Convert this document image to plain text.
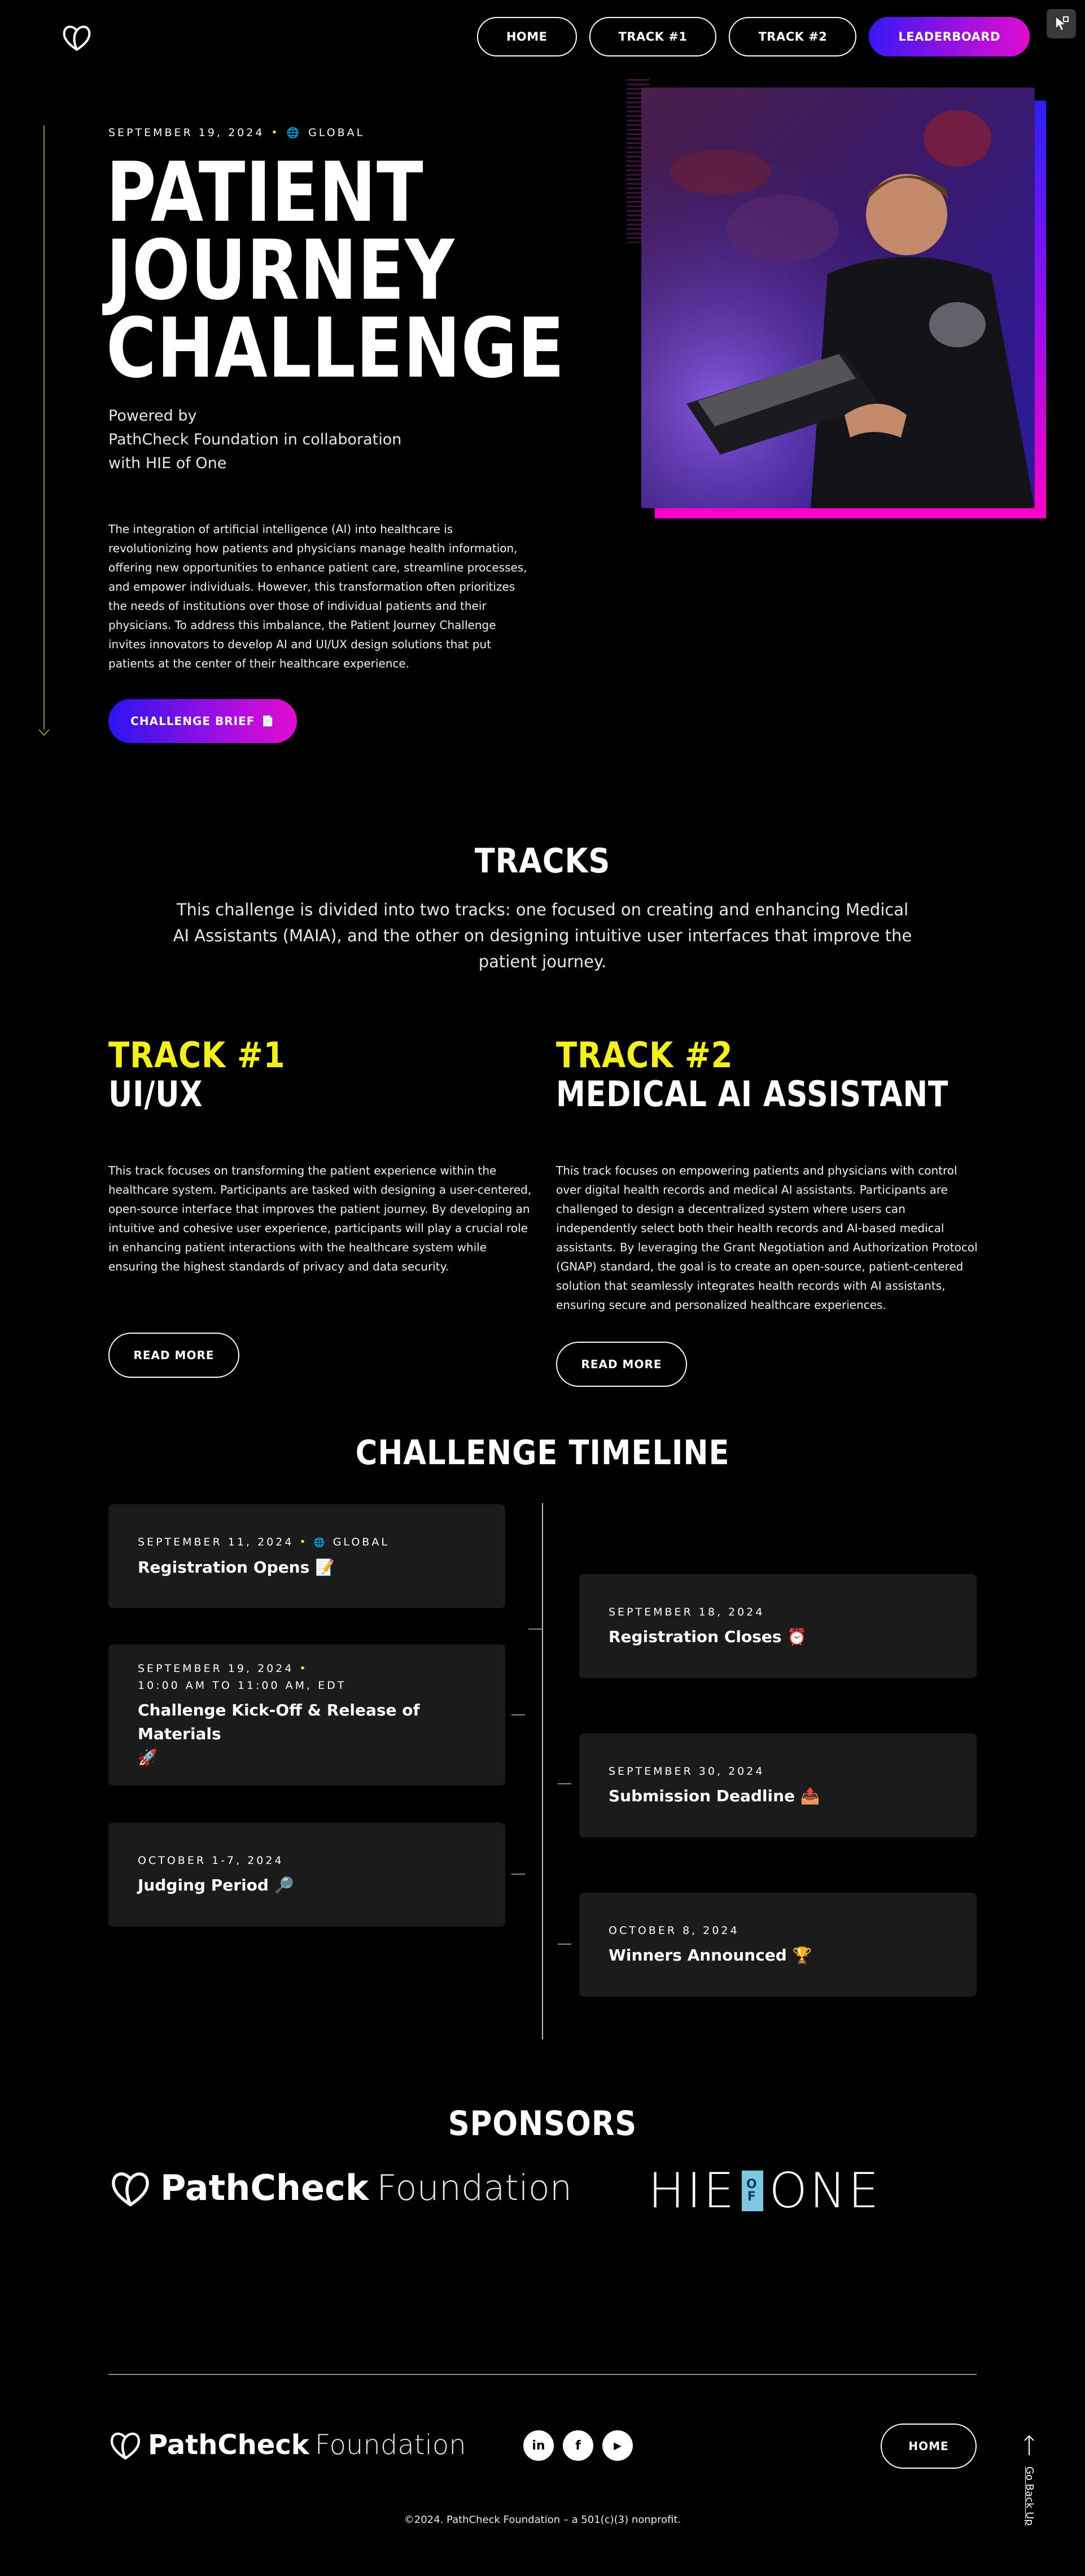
HOME	TRACK #1	TRACK #2	LEADERBOARD
SEPTEMBER 19, 2024 • 🌐 GLOBAL
PATIENT
JOURNEY
CHALLENGE
Powered by
PathCheck Foundation in collaboration
with HIE of One

The integration of artificial intelligence (AI) into healthcare is revolutionizing how patients and physicians manage health information, offering new opportunities to enhance patient care, streamline processes, and empower individuals. However, this transformation often prioritizes the needs of institutions over those of individual patients and their physicians. To address this imbalance, the Patient Journey Challenge invites innovators to develop AI and UI/UX design solutions that put patients at the center of their healthcare experience.

CHALLENGE BRIEF 📄
TRACKS

This challenge is divided into two tracks: one focused on creating and enhancing Medical AI Assistants (MAIA), and the other on designing intuitive user interfaces that improve the patient journey.

TRACK #1
UI/UX

This track focuses on transforming the patient experience within the healthcare system. Participants are tasked with designing a user-centered, open-source interface that improves the patient journey. By developing an intuitive and cohesive user experience, participants will play a crucial role in enhancing patient interactions with the healthcare system while ensuring the highest standards of privacy and data security.

READ MORE
TRACK #2
MEDICAL AI ASSISTANT

This track focuses on empowering patients and physicians with control over digital health records and medical AI assistants. Participants are challenged to design a decentralized system where users can independently select both their health records and AI-based medical assistants. By leveraging the Grant Negotiation and Authorization Protocol (GNAP) standard, the goal is to create an open-source, patient-centered solution that seamlessly integrates health records with AI assistants, ensuring secure and personalized healthcare experiences.

READ MORE
CHALLENGE TIMELINE
SEPTEMBER 11, 2024 • 🌐 GLOBAL
Registration Opens 📝
SEPTEMBER 18, 2024
Registration Closes ⏰
SEPTEMBER 19, 2024 •
10:00 AM TO 11:00 AM, EDT
Challenge Kick-Off & Release of Materials
🚀
SEPTEMBER 30, 2024
Submission Deadline 📤
OCTOBER 1-7, 2024
Judging Period 🔎
OCTOBER 8, 2024
Winners Announced 🏆
SPONSORS
PathCheck Foundation HIE O
F ONE
PathCheck Foundation	in	f	▶	HOME

©2024. PathCheck Foundation – a 501(c)(3) nonprofit.	Go Back Up
